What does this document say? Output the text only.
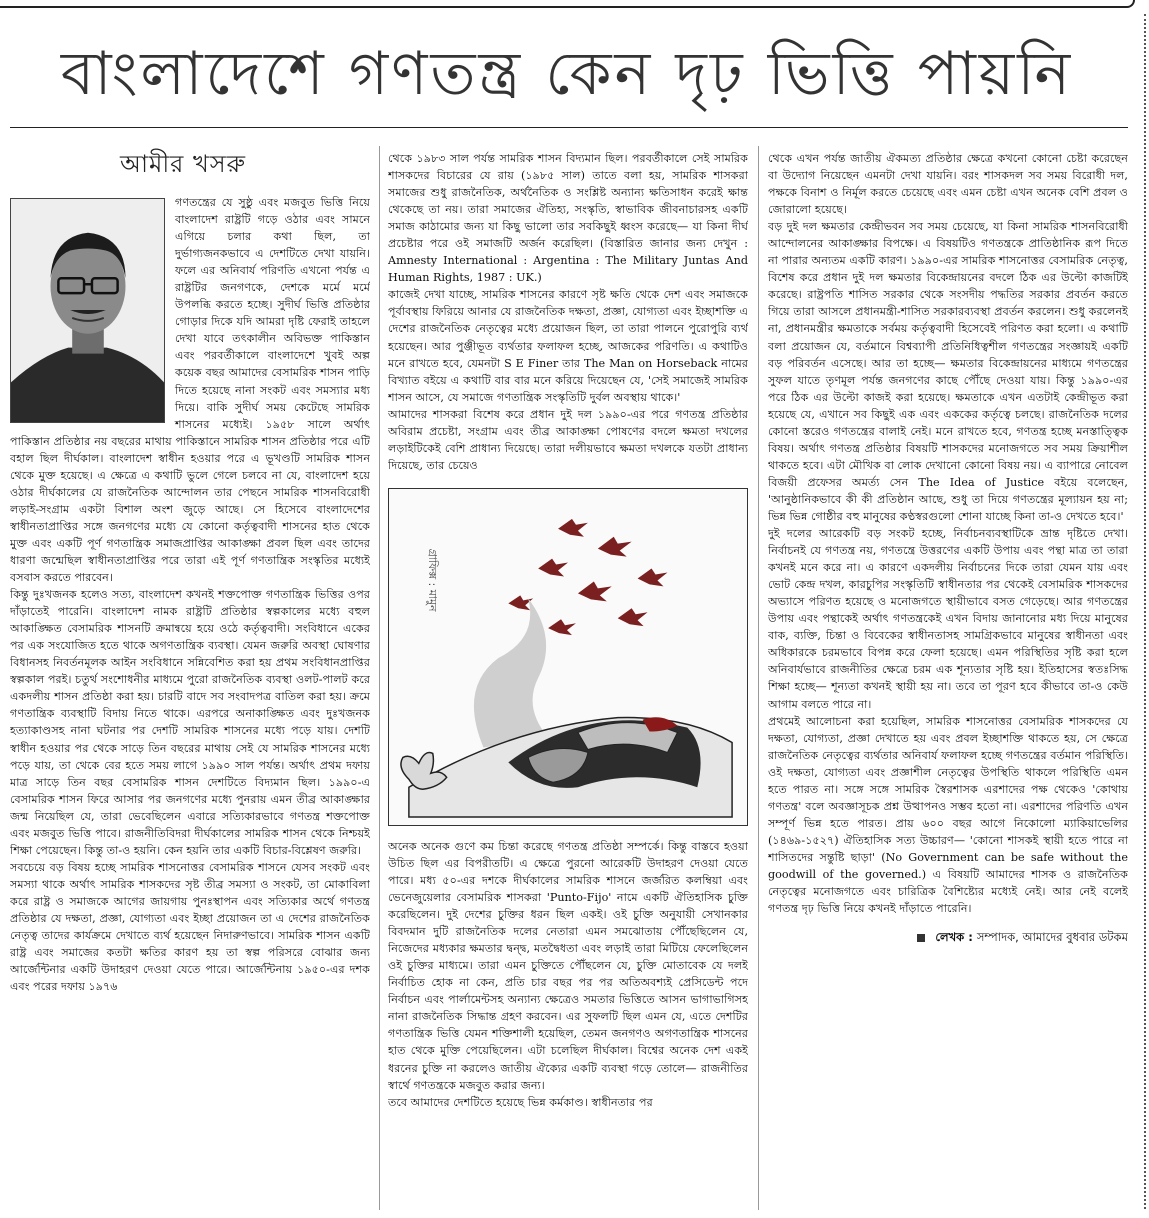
বাংলাদেশে গণতন্ত্র কেন দৃঢ় ভিত্তি পায়নি
আমীর খসরু

গণতন্ত্রের যে সুষ্ঠু এবং মজবুত ভিত্তি নিয়ে বাংলাদেশ রাষ্ট্রটি গড়ে ওঠার এবং সামনে এগিয়ে চলার কথা ছিল, তা দুর্ভাগ্যজনকভাবে এ দেশটিতে দেখা যায়নি। ফলে এর অনিবার্য পরিণতি এখনো পর্যন্ত এ রাষ্ট্রটির জনগণকে, দেশকে মর্মে মর্মে উপলব্ধি করতে হচ্ছে। সুদীর্ঘ ভিত্তি প্রতিষ্ঠার গোড়ার দিকে যদি আমরা দৃষ্টি ফেরাই তাহলে দেখা যাবে তৎকালীন অবিভক্ত পাকিস্তান এবং পরবর্তীকালে বাংলাদেশে খুবই অল্প কয়েক বছর আমাদের বেসামরিক শাসন পাড়ি দিতে হয়েছে নানা সংকট এবং সমস্যার মধ্য দিয়ে। বাকি সুদীর্ঘ সময় কেটেছে সামরিক শাসনের মধ্যেই। ১৯৫৮ সালে অর্থাৎ পাকিস্তান প্রতিষ্ঠার নয় বছরের মাথায় পাকিস্তানে সামরিক শাসন প্রতিষ্ঠার পরে এটি বহাল ছিল দীর্ঘকাল। বাংলাদেশ স্বাধীন হওয়ার পরে এ ভূখণ্ডটি সামরিক শাসন থেকে মুক্ত হয়েছে। এ ক্ষেত্রে এ কথাটি ভুলে গেলে চলবে না যে, বাংলাদেশ হয়ে ওঠার দীর্ঘকালের যে রাজনৈতিক আন্দোলন তার পেছনে সামরিক শাসনবিরোধী লড়াই-সংগ্রাম একটা বিশাল অংশ জুড়ে আছে। সে হিসেবে বাংলাদেশের স্বাধীনতাপ্রাপ্তির সঙ্গে জনগণের মধ্যে যে কোনো কর্তৃত্ববাদী শাসনের হাত থেকে মুক্ত এবং একটি পূর্ণ গণতান্ত্রিক সমাজপ্রাপ্তির আকাঙ্ক্ষা প্রবল ছিল এবং তাদের ধারণা জন্মেছিল স্বাধীনতাপ্রাপ্তির পরে তারা এই পূর্ণ গণতান্ত্রিক সংস্কৃতির মধ্যেই বসবাস করতে পারবেন।

কিন্তু দুঃখজনক হলেও সত্য, বাংলাদেশ কখনই শক্তপোক্ত গণতান্ত্রিক ভিত্তির ওপর দাঁড়াতেই পারেনি। বাংলাদেশ নামক রাষ্ট্রটি প্রতিষ্ঠার স্বল্পকালের মধ্যে বহুল আকাঙ্ক্ষিত বেসামরিক শাসনটি ক্রমান্বয়ে হয়ে ওঠে কর্তৃত্ববাদী। সংবিধানে একের পর এক সংযোজিত হতে থাকে অগণতান্ত্রিক ব্যবস্থা। যেমন জরুরি অবস্থা ঘোষণার বিধানসহ নিবর্তনমূলক আইন সংবিধানে সন্নিবেশিত করা হয় প্রথম সংবিধানপ্রাপ্তির স্বল্পকাল পরই। চতুর্থ সংশোধনীর মাধ্যমে পুরো রাজনৈতিক ব্যবস্থা ওলট-পালট করে একদলীয় শাসন প্রতিষ্ঠা করা হয়। চারটি বাদে সব সংবাদপত্র বাতিল করা হয়। ক্রমে গণতান্ত্রিক ব্যবস্থাটি বিদায় নিতে থাকে। এরপরে অনাকাঙ্ক্ষিত এবং দুঃখজনক হত্যাকাণ্ডসহ নানা ঘটনার পর দেশটি সামরিক শাসনের মধ্যে পড়ে যায়। দেশটি স্বাধীন হওয়ার পর থেকে সাড়ে তিন বছরের মাথায় সেই যে সামরিক শাসনের মধ্যে পড়ে যায়, তা থেকে বের হতে সময় লাগে ১৯৯০ সাল পর্যন্ত। অর্থাৎ প্রথম দফায় মাত্র সাড়ে তিন বছর বেসামরিক শাসন দেশটিতে বিদ্যমান ছিল। ১৯৯০-এ বেসামরিক শাসন ফিরে আসার পর জনগণের মধ্যে পুনরায় এমন তীব্র আকাঙ্ক্ষার জন্ম নিয়েছিল যে, তারা ভেবেছিলেন এবারে সত্যিকারভাবে গণতন্ত্র শক্তপোক্ত এবং মজবুত ভিত্তি পাবে। রাজনীতিবিদরা দীর্ঘকালের সামরিক শাসন থেকে নিশ্চয়ই শিক্ষা পেয়েছেন। কিন্তু তা-ও হয়নি। কেন হয়নি তার একটি বিচার-বিশ্লেষণ জরুরি।

সবচেয়ে বড় বিষয় হচ্ছে সামরিক শাসনোত্তর বেসামরিক শাসনে যেসব সংকট এবং সমস্যা থাকে অর্থাৎ সামরিক শাসকদের সৃষ্ট তীব্র সমস্যা ও সংকট, তা মোকাবিলা করে রাষ্ট্র ও সমাজকে আগের জায়গায় পুনঃস্থাপন এবং সত্যিকার অর্থে গণতন্ত্র প্রতিষ্ঠার যে দক্ষতা, প্রজ্ঞা, যোগ্যতা এবং ইচ্ছা প্রয়োজন তা এ দেশের রাজনৈতিক নেতৃত্ব তাদের কার্যক্রমে দেখাতে ব্যর্থ হয়েছেন নিদারুণভাবে। সামরিক শাসন একটি রাষ্ট্র এবং সমাজের কতটা ক্ষতির কারণ হয় তা স্বল্প পরিসরে বোঝার জন্য আর্জেন্টিনার একটি উদাহরণ দেওয়া যেতে পারে। আর্জেন্টিনায় ১৯৫০-এর দশক এবং পরের দফায় ১৯৭৬

থেকে ১৯৮৩ সাল পর্যন্ত সামরিক শাসন বিদ্যমান ছিল। পরবর্তীকালে সেই সামরিক শাসকদের বিচারের যে রায় (১৯৮৫ সাল) তাতে বলা হয়, সামরিক শাসকরা সমাজের শুধু রাজনৈতিক, অর্থনৈতিক ও সংশ্লিষ্ট অন্যান্য ক্ষতিসাধন করেই ক্ষান্ত থেকেছে তা নয়। তারা সমাজের ঐতিহ্য, সংস্কৃতি, স্বাভাবিক জীবনাচারসহ একটি সমাজ কাঠামোর জন্য যা কিছু ভালো তার সবকিছুই ধ্বংস করেছে— যা কিনা দীর্ঘ প্রচেষ্টার পরে ওই সমাজটি অর্জন করেছিল। (বিস্তারিত জানার জন্য দেখুন : Amnesty International : Argentina : The Military Juntas And Human Rights, 1987 : UK.)

কাজেই দেখা যাচ্ছে, সামরিক শাসনের কারণে সৃষ্ট ক্ষতি থেকে দেশ এবং সমাজকে পূর্বাবস্থায় ফিরিয়ে আনার যে রাজনৈতিক দক্ষতা, প্রজ্ঞা, যোগ্যতা এবং ইচ্ছাশক্তি এ দেশের রাজনৈতিক নেতৃত্বের মধ্যে প্রয়োজন ছিল, তা তারা পালনে পুরোপুরি ব্যর্থ হয়েছেন। আর পুঞ্জীভূত ব্যর্থতার ফলাফল হচ্ছে, আজকের পরিণতি। এ কথাটিও মনে রাখতে হবে, যেমনটা S E Finer তার The Man on Horseback নামের বিখ্যাত বইয়ে এ কথাটি বার বার মনে করিয়ে দিয়েছেন যে, 'সেই সমাজেই সামরিক শাসন আসে, যে সমাজে গণতান্ত্রিক সংস্কৃতিটি দুর্বল অবস্থায় থাকে।'

আমাদের শাসকরা বিশেষ করে প্রধান দুই দল ১৯৯০-এর পরে গণতন্ত্র প্রতিষ্ঠার অবিরাম প্রচেষ্টা, সংগ্রাম এবং তীব্র আকাঙ্ক্ষা পোষণের বদলে ক্ষমতা দখলের লড়াইটিকেই বেশি প্রাধান্য দিয়েছে। তারা দলীয়ভাবে ক্ষমতা দখলকে যতটা প্রাধান্য দিয়েছে, তার চেয়েও

গ্রাফিক্স : মামুন

অনেক অনেক গুণে কম চিন্তা করেছে গণতন্ত্র প্রতিষ্ঠা সম্পর্কে। কিন্তু বাস্তবে হওয়া উচিত ছিল এর বিপরীতটি। এ ক্ষেত্রে পুরনো আরেকটি উদাহরণ দেওয়া যেতে পারে। মধ্য ৫০-এর দশকে দীর্ঘকালের সামরিক শাসনে জর্জরিত কলম্বিয়া এবং ভেনেজুয়েলার বেসামরিক শাসকরা 'Punto-Fijo' নামে একটি ঐতিহাসিক চুক্তি করেছিলেন। দুই দেশের চুক্তির ধরন ছিল একই। ওই চুক্তি অনুযায়ী সেখানকার বিবদমান দুটি রাজনৈতিক দলের নেতারা এমন সমঝোতায় পৌঁছেছিলেন যে, নিজেদের মধ্যকার ক্ষমতার দ্বন্দ্ব, মতদ্বৈধতা এবং লড়াই তারা মিটিয়ে ফেলেছিলেন ওই চুক্তির মাধ্যমে। তারা এমন চুক্তিতে পৌঁছলেন যে, চুক্তি মোতাবেক যে দলই নির্বাচিত হোক না কেন, প্রতি চার বছর পর পর অতিঅবশ্যই প্রেসিডেন্ট পদে নির্বাচন এবং পার্লামেন্টসহ অন্যান্য ক্ষেত্রেও সমতার ভিত্তিতে আসন ভাগাভাগিসহ নানা রাজনৈতিক সিদ্ধান্ত গ্রহণ করবেন। এর সুফলটি ছিল এমন যে, এতে দেশটির গণতান্ত্রিক ভিত্তি যেমন শক্তিশালী হয়েছিল, তেমন জনগণও অগণতান্ত্রিক শাসনের হাত থেকে মুক্তি পেয়েছিলেন। এটা চলেছিল দীর্ঘকাল। বিশ্বের অনেক দেশ একই ধরনের চুক্তি না করলেও জাতীয় ঐক্যের একটি ব্যবস্থা গড়ে তোলে— রাজনীতির স্বার্থে গণতন্ত্রকে মজবুত করার জন্য।

তবে আমাদের দেশটিতে হয়েছে ভিন্ন কর্মকাণ্ড। স্বাধীনতার পর

থেকে এখন পর্যন্ত জাতীয় ঐকমত্য প্রতিষ্ঠার ক্ষেত্রে কখনো কোনো চেষ্টা করেছেন বা উদ্যোগ নিয়েছেন এমনটা দেখা যায়নি। বরং শাসকদল সব সময় বিরোধী দল, পক্ষকে বিনাশ ও নির্মূল করতে চেয়েছে এবং এমন চেষ্টা এখন অনেক বেশি প্রবল ও জোরালো হয়েছে।

বড় দুই দল ক্ষমতার কেন্দ্রীভবন সব সময় চেয়েছে, যা কিনা সামরিক শাসনবিরোধী আন্দোলনের আকাঙ্ক্ষার বিপক্ষে। এ বিষয়টিও গণতন্ত্রকে প্রাতিষ্ঠানিক রূপ দিতে না পারার অন্যতম একটি কারণ। ১৯৯০-এর সামরিক শাসনোত্তর বেসামরিক নেতৃত্ব, বিশেষ করে প্রধান দুই দল ক্ষমতার বিকেন্দ্রায়নের বদলে ঠিক এর উল্টো কাজটিই করেছে। রাষ্ট্রপতি শাসিত সরকার থেকে সংসদীয় পদ্ধতির সরকার প্রবর্তন করতে গিয়ে তারা আসলে প্রধানমন্ত্রী-শাসিত সরকারব্যবস্থা প্রবর্তন করলেন। শুধু করলেনই না, প্রধানমন্ত্রীর ক্ষমতাকে সর্বময় কর্তৃত্ববাদী হিসেবেই পরিণত করা হলো। এ কথাটি বলা প্রয়োজন যে, বর্তমানে বিশ্বব্যাপী প্রতিনিধিত্বশীল গণতন্ত্রের সংজ্ঞায়ই একটি বড় পরিবর্তন এসেছে। আর তা হচ্ছে— ক্ষমতার বিকেন্দ্রায়নের মাধ্যমে গণতন্ত্রের সুফল যাতে তৃণমূল পর্যন্ত জনগণের কাছে পৌঁছে দেওয়া যায়। কিন্তু ১৯৯০-এর পরে ঠিক এর উল্টো কাজই করা হয়েছে। ক্ষমতাকে এখন এতটাই কেন্দ্রীভূত করা হয়েছে যে, এখানে সব কিছুই এক এবং এককের কর্তৃত্বে চলছে। রাজনৈতিক দলের কোনো স্তরেও গণতন্ত্রের বালাই নেই। মনে রাখতে হবে, গণতন্ত্র হচ্ছে মনস্তাত্ত্বিক বিষয়। অর্থাৎ গণতন্ত্র প্রতিষ্ঠার বিষয়টি শাসকদের মনোজগতে সব সময় ক্রিয়াশীল থাকতে হবে। এটা মৌখিক বা লোক দেখানো কোনো বিষয় নয়। এ ব্যাপারে নোবেল বিজয়ী প্রফেসর অমর্ত্য সেন The Idea of Justice বইয়ে বলেছেন, 'আনুষ্ঠানিকভাবে কী কী প্রতিষ্ঠান আছে, শুধু তা দিয়ে গণতন্ত্রের মূল্যায়ন হয় না; ভিন্ন ভিন্ন গোষ্ঠীর বহু মানুষের কণ্ঠস্বরগুলো শোনা যাচ্ছে কিনা তা-ও দেখতে হবে।'

দুই দলের আরেকটি বড় সংকট হচ্ছে, নির্বাচনব্যবস্থাটিকে ভ্রান্ত দৃষ্টিতে দেখা। নির্বাচনই যে গণতন্ত্র নয়, গণতন্ত্রে উত্তরণের একটি উপায় এবং পন্থা মাত্র তা তারা কখনই মনে করে না। এ কারণে একদলীয় নির্বাচনের দিকে তারা যেমন যায় এবং ভোট কেন্দ্র দখল, কারচুপির সংস্কৃতিটি স্বাধীনতার পর থেকেই বেসামরিক শাসকদের অভ্যাসে পরিণত হয়েছে ও মনোজগতে স্থায়ীভাবে বসত গেড়েছে। আর গণতন্ত্রের উপায় এবং পন্থাকেই অর্থাৎ গণতন্ত্রকেই এখন বিদায় জানানোর মধ্য দিয়ে মানুষের বাক, ব্যক্তি, চিন্তা ও বিবেকের স্বাধীনতাসহ সামগ্রিকভাবে মানুষের স্বাধীনতা এবং অধিকারকে চরমভাবে বিপন্ন করে ফেলা হয়েছে। এমন পরিস্থিতির সৃষ্টি করা হলে অনিবার্যভাবে রাজনীতির ক্ষেত্রে চরম এক শূন্যতার সৃষ্টি হয়। ইতিহাসের স্বতঃসিদ্ধ শিক্ষা হচ্ছে— শূন্যতা কখনই স্থায়ী হয় না। তবে তা পূরণ হবে কীভাবে তা-ও কেউ আগাম বলতে পারে না।

প্রথমেই আলোচনা করা হয়েছিল, সামরিক শাসনোত্তর বেসামরিক শাসকদের যে দক্ষতা, যোগ্যতা, প্রজ্ঞা দেখাতে হয় এবং প্রবল ইচ্ছাশক্তি থাকতে হয়, সে ক্ষেত্রে রাজনৈতিক নেতৃত্বের ব্যর্থতার অনিবার্য ফলাফল হচ্ছে গণতন্ত্রের বর্তমান পরিস্থিতি। ওই দক্ষতা, যোগ্যতা এবং প্রজ্ঞাশীল নেতৃত্বের উপস্থিতি থাকলে পরিস্থিতি এমন হতে পারত না। সঙ্গে সঙ্গে সামরিক স্বৈরশাসক এরশাদের পক্ষ থেকেও 'কোথায় গণতন্ত্র' বলে অবজ্ঞাসূচক প্রশ্ন উত্থাপনও সম্ভব হতো না। এরশাদের পরিণতি এখন সম্পূর্ণ ভিন্ন হতে পারত। প্রায় ৬০০ বছর আগে নিকোলো ম্যাকিয়াভেলির (১৪৬৯-১৫২৭) ঐতিহাসিক সত্য উচ্চারণ— 'কোনো শাসকই স্থায়ী হতে পারে না শাসিতদের সন্তুষ্টি ছাড়া' (No Government can be safe without the goodwill of the governed.) এ বিষয়টি আমাদের শাসক ও রাজনৈতিক নেতৃত্বের মনোজগতে এবং চারিত্রিক বৈশিষ্ট্যের মধ্যেই নেই। আর নেই বলেই গণতন্ত্র দৃঢ় ভিত্তি নিয়ে কখনই দাঁড়াতে পারেনি।

লেখক : সম্পাদক, আমাদের বুধবার ডটকম
